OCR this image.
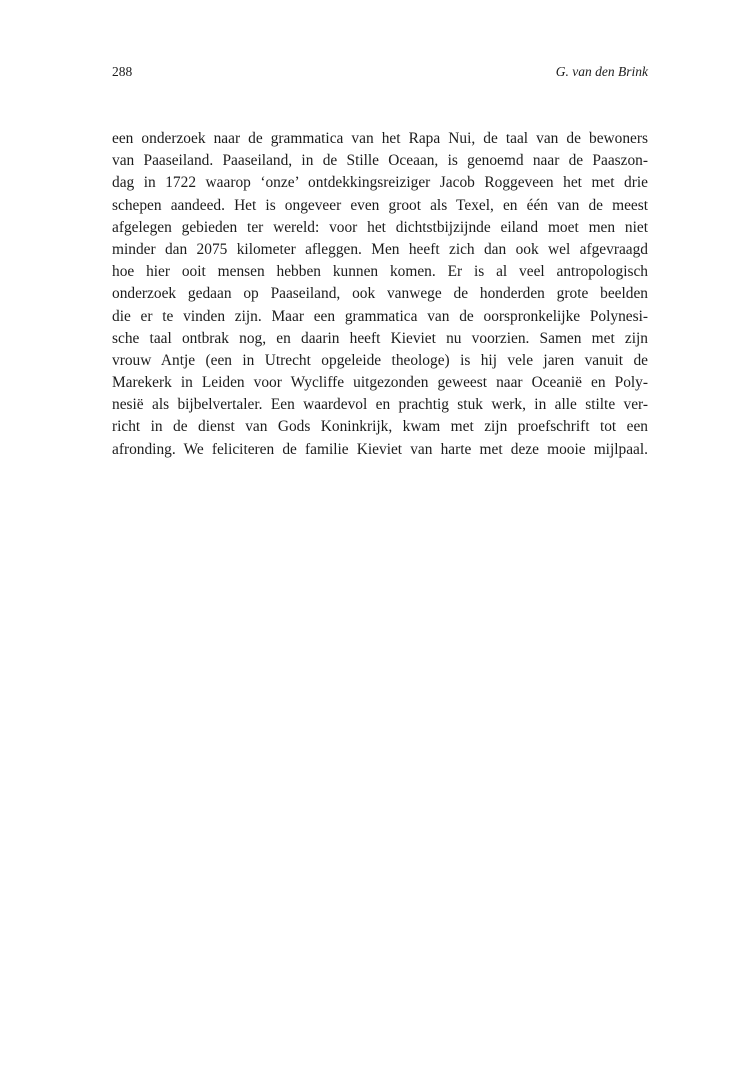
288	G. van den Brink
een onderzoek naar de grammatica van het Rapa Nui, de taal van de bewoners
van Paaseiland. Paaseiland, in de Stille Oceaan, is genoemd naar de Paaszon-
dag in 1722 waarop ‘onze’ ontdekkingsreiziger Jacob Roggeveen het met drie
schepen aandeed. Het is ongeveer even groot als Texel, en één van de meest
afgelegen gebieden ter wereld: voor het dichtstbijzijnde eiland moet men niet
minder dan 2075 kilometer afleggen. Men heeft zich dan ook wel afgevraagd
hoe hier ooit mensen hebben kunnen komen. Er is al veel antropologisch
onderzoek gedaan op Paaseiland, ook vanwege de honderden grote beelden
die er te vinden zijn. Maar een grammatica van de oorspronkelijke Polynesi-
sche taal ontbrak nog, en daarin heeft Kieviet nu voorzien. Samen met zijn
vrouw Antje (een in Utrecht opgeleide theologe) is hij vele jaren vanuit de
Marekerk in Leiden voor Wycliffe uitgezonden geweest naar Oceanië en Poly-
nesië als bijbelvertaler. Een waardevol en prachtig stuk werk, in alle stilte ver-
richt in de dienst van Gods Koninkrijk, kwam met zijn proefschrift tot een
afronding. We feliciteren de familie Kieviet van harte met deze mooie mijlpaal.
